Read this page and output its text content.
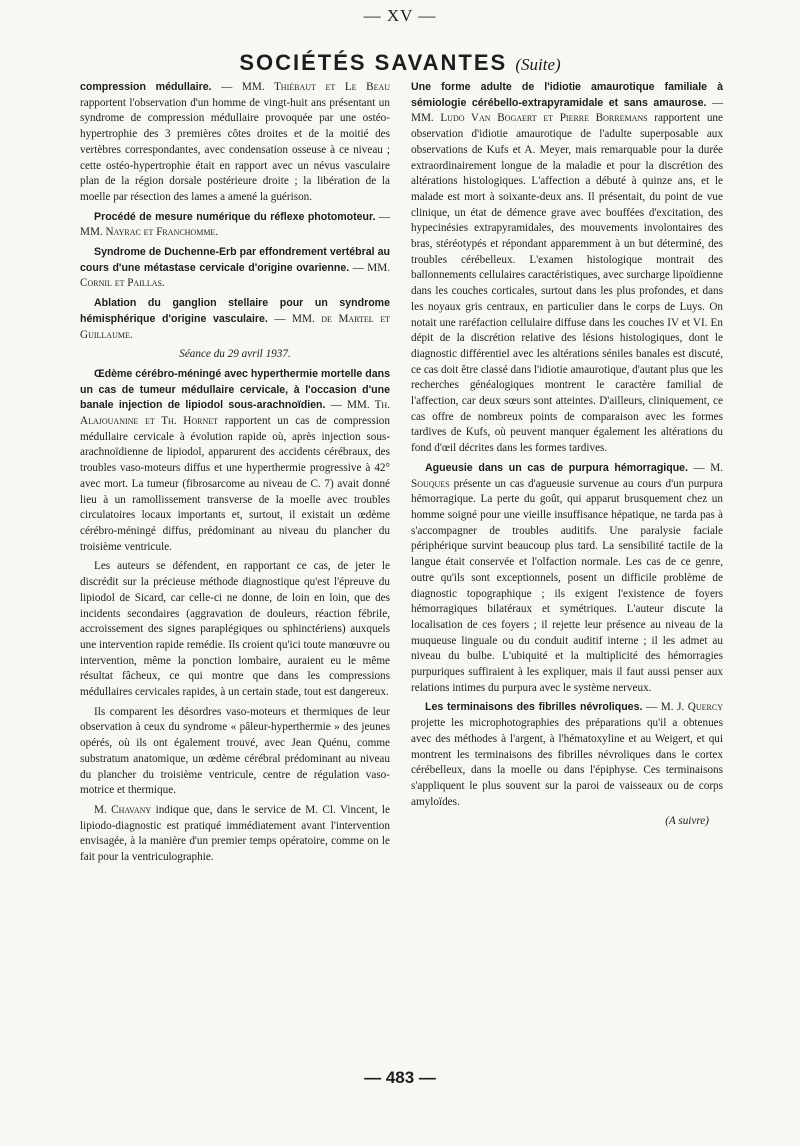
— XV —
SOCIÉTÉS SAVANTES (Suite)

compression médullaire. — MM. Thiébaut et Le Beau rapportent l'observation d'un homme de vingt-huit ans présentant un syndrome de compression médullaire provoquée par une ostéo-hypertrophie des 3 premières côtes droites et de la moitié des vertèbres correspondantes, avec condensation osseuse à ce niveau ; cette ostéo-hypertrophie était en rapport avec un névus vasculaire plan de la région dorsale postérieure droite ; la libération de la moelle par résection des lames a amené la guérison.

Procédé de mesure numérique du réflexe photomoteur. — MM. Nayrac et Franchomme.

Syndrome de Duchenne-Erb par effondrement vertébral au cours d'une métastase cervicale d'origine ovarienne. — MM. Cornil et Paillas.

Ablation du ganglion stellaire pour un syndrome hémisphérique d'origine vasculaire. — MM. de Martel et Guillaume.

Séance du 29 avril 1937.

Œdème cérébro-méningé avec hyperthermie mortelle dans un cas de tumeur médullaire cervicale, à l'occasion d'une banale injection de lipiodol sous-arachnoïdien. — MM. Th. Alajouanine et Th. Hornet rapportent un cas de compression médullaire cervicale à évolution rapide où, après injection sous-arachnoïdienne de lipiodol, apparurent des accidents cérébraux, des troubles vaso-moteurs diffus et une hyperthermie progressive à 42° avec mort. La tumeur (fibrosarcome au niveau de C. 7) avait donné lieu à un ramollissement transverse de la moelle avec troubles circulatoires locaux importants et, surtout, il existait un œdème cérébro-méningé diffus, prédominant au niveau du plancher du troisième ventricule.

Les auteurs se défendent, en rapportant ce cas, de jeter le discrédit sur la précieuse méthode diagnostique qu'est l'épreuve du lipiodol de Sicard, car celle-ci ne donne, de loin en loin, que des incidents secondaires (aggravation de douleurs, réaction fébrile, accroissement des signes paraplégiques ou sphinctériens) auxquels une intervention rapide remédie. Ils croient qu'ici toute manœuvre ou intervention, même la ponction lombaire, auraient eu le même résultat fâcheux, ce qui montre que dans les compressions médullaires cervicales rapides, à un certain stade, tout est dangereux.

Ils comparent les désordres vaso-moteurs et thermiques de leur observation à ceux du syndrome « pâleur-hyperthermie » des jeunes opérés, où ils ont également trouvé, avec Jean Quénu, comme substratum anatomique, un œdème cérébral prédominant au niveau du plancher du troisième ventricule, centre de régulation vaso-motrice et thermique.

M. Chavany indique que, dans le service de M. Cl. Vincent, le lipiodo-diagnostic est pratiqué immédiatement avant l'intervention envisagée, à la manière d'un premier temps opératoire, comme on le fait pour la ventriculographie.

Une forme adulte de l'idiotie amaurotique familiale à sémiologie cérébello-extrapyramidale et sans amaurose. — MM. Ludo Van Bogaert et Pierre Borremans rapportent une observation d'idiotie amaurotique de l'adulte superposable aux observations de Kufs et A. Meyer, mais remarquable pour la durée extraordinairement longue de la maladie et pour la discrétion des altérations histologiques. L'affection a débuté à quinze ans, et le malade est mort à soixante-deux ans. Il présentait, du point de vue clinique, un état de démence grave avec bouffées d'excitation, des hypecinésies extrapyramidales, des mouvements involontaires des bras, stéréotypés et répondant apparemment à un but déterminé, des troubles cérébelleux. L'examen histologique montrait des ballonnements cellulaires caractéristiques, avec surcharge lipoïdienne dans les couches corticales, surtout dans les plus profondes, et dans les noyaux gris centraux, en particulier dans le corps de Luys. On notait une raréfaction cellulaire diffuse dans les couches IV et VI. En dépit de la discrétion relative des lésions histologiques, dont le diagnostic différentiel avec les altérations séniles banales est discuté, ce cas doit être classé dans l'idiotie amaurotique, d'autant plus que les recherches généalogiques montrent le caractère familial de l'affection, car deux sœurs sont atteintes. D'ailleurs, cliniquement, ce cas offre de nombreux points de comparaison avec les formes tardives de Kufs, où peuvent manquer également les altérations du fond d'œil décrites dans les formes tardives.

Agueusie dans un cas de purpura hémorragique. — M. Souques présente un cas d'agueusie survenue au cours d'un purpura hémorragique. La perte du goût, qui apparut brusquement chez un homme soigné pour une vieille insuffisance hépatique, ne tarda pas à s'accompagner de troubles auditifs. Une paralysie faciale périphérique survint beaucoup plus tard. La sensibilité tactile de la langue était conservée et l'olfaction normale. Les cas de ce genre, outre qu'ils sont exceptionnels, posent un difficile problème de diagnostic topographique ; ils exigent l'existence de foyers hémorragiques bilatéraux et symétriques. L'auteur discute la localisation de ces foyers ; il rejette leur présence au niveau de la muqueuse linguale ou du conduit auditif interne ; il les admet au niveau du bulbe. L'ubiquité et la multiplicité des hémorragies purpuriques suffiraient à les expliquer, mais il faut aussi penser aux relations intimes du purpura avec le système nerveux.

Les terminaisons des fibrilles névroliques. — M. J. Quercy projette les microphotographies des préparations qu'il a obtenues avec des méthodes à l'argent, à l'hématoxyline et au Weigert, et qui montrent les terminaisons des fibrilles névroliques dans le cortex cérébelleux, dans la moelle ou dans l'épiphyse. Ces terminaisons s'appliquent le plus souvent sur la paroi de vaisseaux ou de corps amyloïdes.

(A suivre)
— 483 —
